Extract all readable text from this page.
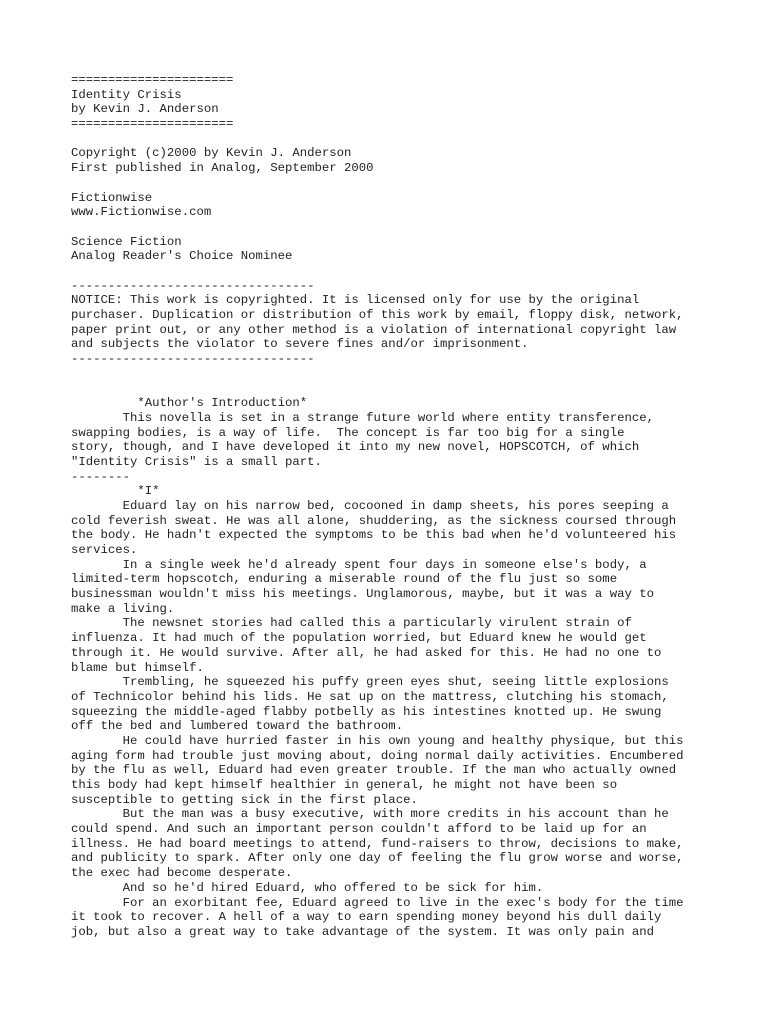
======================
Identity Crisis
by Kevin J. Anderson
======================

Copyright (c)2000 by Kevin J. Anderson
First published in Analog, September 2000

Fictionwise
www.Fictionwise.com

Science Fiction
Analog Reader's Choice Nominee

---------------------------------
NOTICE: This work is copyrighted. It is licensed only for use by the original
purchaser. Duplication or distribution of this work by email, floppy disk, network,
paper print out, or any other method is a violation of international copyright law
and subjects the violator to severe fines and/or imprisonment.
---------------------------------

*Author's Introduction*
This novella is set in a strange future world where entity transference,
swapping bodies, is a way of life.  The concept is far too big for a single
story, though, and I have developed it into my new novel, HOPSCOTCH, of which
"Identity Crisis" is a small part.
--------
*I*
Eduard lay on his narrow bed, cocooned in damp sheets, his pores seeping a
cold feverish sweat. He was all alone, shuddering, as the sickness coursed through
the body. He hadn't expected the symptoms to be this bad when he'd volunteered his
services.
In a single week he'd already spent four days in someone else's body, a
limited-term hopscotch, enduring a miserable round of the flu just so some
businessman wouldn't miss his meetings. Unglamorous, maybe, but it was a way to
make a living.
The newsnet stories had called this a particularly virulent strain of
influenza. It had much of the population worried, but Eduard knew he would get
through it. He would survive. After all, he had asked for this. He had no one to
blame but himself.
Trembling, he squeezed his puffy green eyes shut, seeing little explosions
of Technicolor behind his lids. He sat up on the mattress, clutching his stomach,
squeezing the middle-aged flabby potbelly as his intestines knotted up. He swung
off the bed and lumbered toward the bathroom.
He could have hurried faster in his own young and healthy physique, but this
aging form had trouble just moving about, doing normal daily activities. Encumbered
by the flu as well, Eduard had even greater trouble. If the man who actually owned
this body had kept himself healthier in general, he might not have been so
susceptible to getting sick in the first place.
But the man was a busy executive, with more credits in his account than he
could spend. And such an important person couldn't afford to be laid up for an
illness. He had board meetings to attend, fund-raisers to throw, decisions to make,
and publicity to spark. After only one day of feeling the flu grow worse and worse,
the exec had become desperate.
And so he'd hired Eduard, who offered to be sick for him.
For an exorbitant fee, Eduard agreed to live in the exec's body for the time
it took to recover. A hell of a way to earn spending money beyond his dull daily
job, but also a great way to take advantage of the system. It was only pain and
